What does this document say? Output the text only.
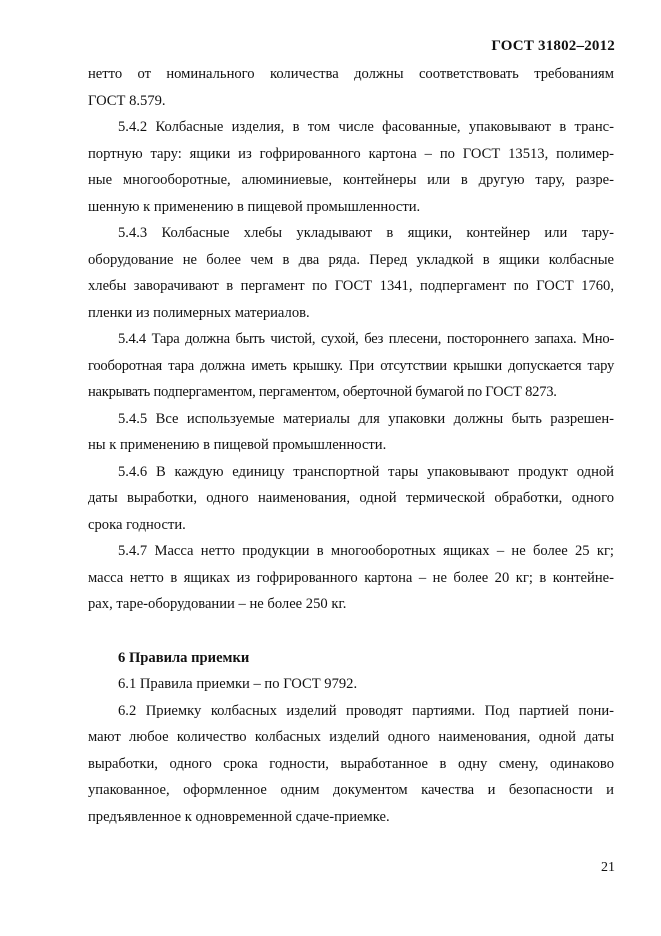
ГОСТ 31802–2012

нетто от номинального количества должны соответствовать требованиям
ГОСТ 8.579.

5.4.2 Колбасные изделия, в том числе фасованные, упаковывают в транс-
портную тару: ящики из гофрированного картона – по ГОСТ 13513, полимер-
ные многооборотные, алюминиевые, контейнеры или в другую тару, разре-
шенную к применению в пищевой промышленности.

5.4.3 Колбасные хлебы укладывают в ящики, контейнер или тару-
оборудование не более чем в два ряда. Перед укладкой в ящики колбасные
хлебы заворачивают в пергамент по ГОСТ 1341, подпергамент по ГОСТ 1760,
пленки из полимерных материалов.

5.4.4 Тара должна быть чистой, сухой, без плесени, постороннего запаха. Мно-
гооборотная тара должна иметь крышку. При отсутствии крышки допускается тару
накрывать подпергаментом, пергаментом, оберточной бумагой по ГОСТ 8273.

5.4.5 Все используемые материалы для упаковки должны быть разрешен-
ны к применению в пищевой промышленности.

5.4.6 В каждую единицу транспортной тары упаковывают продукт одной
даты выработки, одного наименования, одной термической обработки, одного
срока годности.

5.4.7 Масса нетто продукции в многооборотных ящиках – не более 25 кг;
масса нетто в ящиках из гофрированного картона – не более 20 кг; в контейне-
рах, таре-оборудовании – не более 250 кг.

6 Правила приемки

6.1 Правила приемки – по ГОСТ 9792.

6.2 Приемку колбасных изделий проводят партиями. Под партией пони-
мают любое количество колбасных изделий одного наименования, одной даты
выработки, одного срока годности, выработанное в одну смену, одинаково
упакованное, оформленное одним документом качества и безопасности и
предъявленное к одновременной сдаче-приемке.

21
